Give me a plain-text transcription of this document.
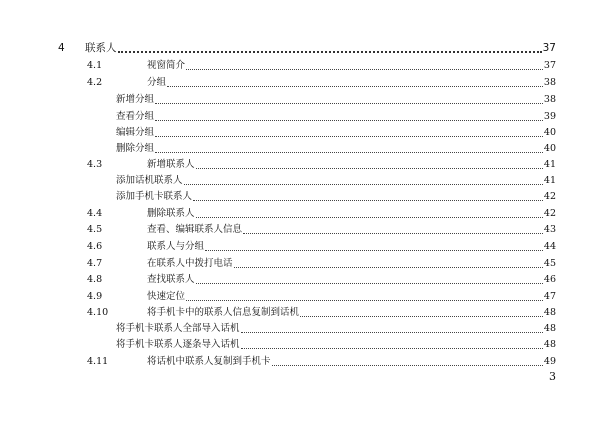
4	联系人	37
4.1	视窗简介	37
4.2	分组	38
新增分组	38
查看分组	39
编辑分组	40
删除分组	40
4.3	新增联系人	41
添加话机联系人	41
添加手机卡联系人	42
4.4	删除联系人	42
4.5	查看、编辑联系人信息	43
4.6	联系人与分组	44
4.7	在联系人中拨打电话	45
4.8	查找联系人	46
4.9	快速定位	47
4.10	将手机卡中的联系人信息复制到话机	48
将手机卡联系人全部导入话机	48
将手机卡联系人逐条导入话机	48
4.11	将话机中联系人复制到手机卡	49
3
